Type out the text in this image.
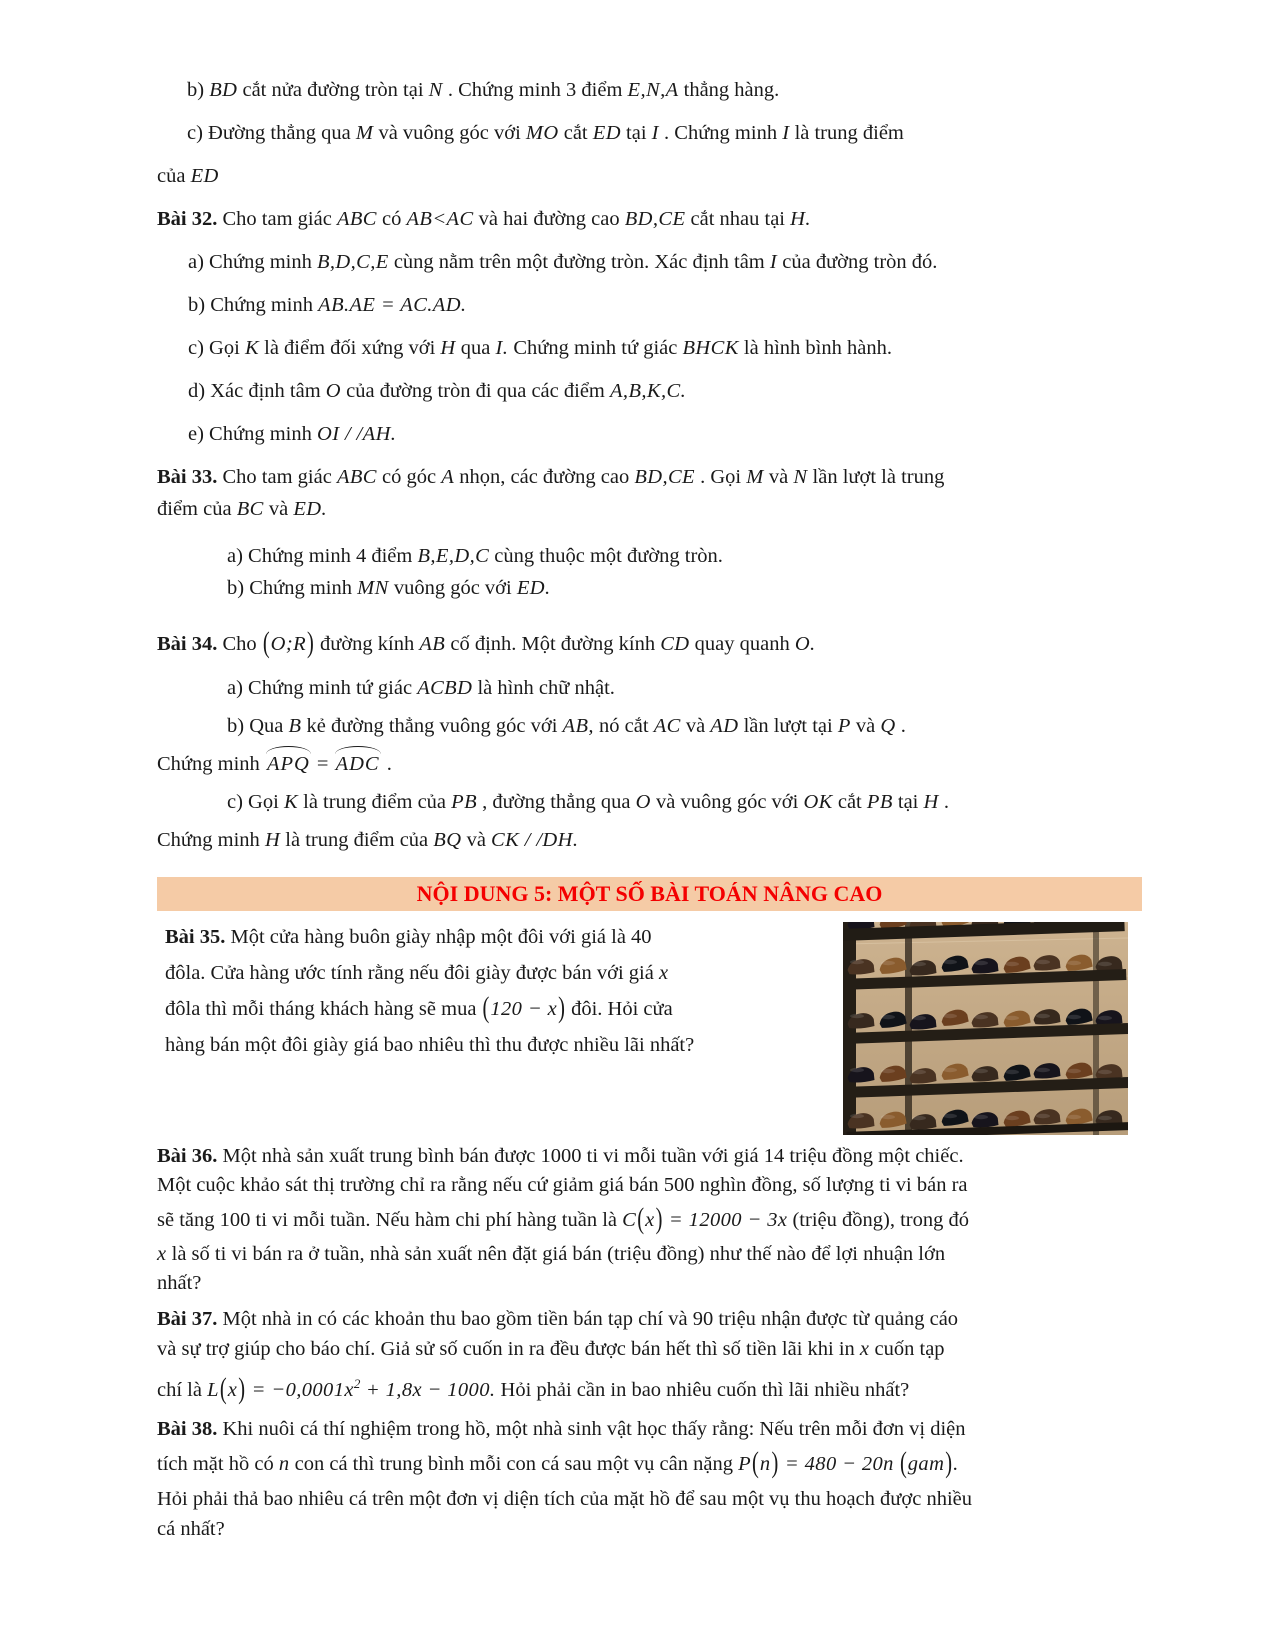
b) BD cắt nửa đường tròn tại N . Chứng minh 3 điểm E,N,A thẳng hàng.
c) Đường thẳng qua M và vuông góc với MO cắt ED tại I . Chứng minh I là trung điểm
của ED
Bài 32. Cho tam giác ABC có AB<AC và hai đường cao BD,CE cắt nhau tại H.
a) Chứng minh B,D,C,E cùng nằm trên một đường tròn. Xác định tâm I của đường tròn đó.
b) Chứng minh AB.AE = AC.AD.
c) Gọi K là điểm đối xứng với H qua I. Chứng minh tứ giác BHCK là hình bình hành.
d) Xác định tâm O của đường tròn đi qua các điểm A,B,K,C.
e) Chứng minh OI / /AH.
Bài 33. Cho tam giác ABC có góc A nhọn, các đường cao BD,CE . Gọi M và N lần lượt là trung
điểm của BC và ED.
a) Chứng minh 4 điểm B,E,D,C cùng thuộc một đường tròn.
b) Chứng minh MN vuông góc với ED.
Bài 34. Cho (O;R) đường kính AB cố định. Một đường kính CD quay quanh O.
a) Chứng minh tứ giác ACBD là hình chữ nhật.
b) Qua B kẻ đường thẳng vuông góc với AB, nó cắt AC và AD lần lượt tại P và Q .
Chứng minh APQ = ADC .
c) Gọi K là trung điểm của PB , đường thẳng qua O và vuông góc với OK cắt PB tại H .
Chứng minh H là trung điểm của BQ và CK / /DH.
NỘI DUNG 5: MỘT SỐ BÀI TOÁN NÂNG CAO
Bài 35. Một cửa hàng buôn giày nhập một đôi với giá là 40
đôla. Cửa hàng ước tính rằng nếu đôi giày được bán với giá x
đôla thì mỗi tháng khách hàng sẽ mua (120 − x) đôi. Hỏi cửa
hàng bán một đôi giày giá bao nhiêu thì thu được nhiều lãi nhất?
Bài 36. Một nhà sản xuất trung bình bán được 1000 ti vi mỗi tuần với giá 14 triệu đồng một chiếc.
Một cuộc khảo sát thị trường chỉ ra rằng nếu cứ giảm giá bán 500 nghìn đồng, số lượng ti vi bán ra
sẽ tăng 100 ti vi mỗi tuần. Nếu hàm chi phí hàng tuần là C(x) = 12000 − 3x (triệu đồng), trong đó
x là số ti vi bán ra ở tuần, nhà sản xuất nên đặt giá bán (triệu đồng) như thế nào để lợi nhuận lớn
nhất?
Bài 37. Một nhà in có các khoản thu bao gồm tiền bán tạp chí và 90 triệu nhận được từ quảng cáo
và sự trợ giúp cho báo chí. Giả sử số cuốn in ra đều được bán hết thì số tiền lãi khi in x cuốn tạp
chí là $L(x) = -0,0001x^2 + 1,8x - 1000$. Hỏi phải cần in bao nhiêu cuốn thì lãi nhiều nhất?
Bài 38. Khi nuôi cá thí nghiệm trong hồ, một nhà sinh vật học thấy rằng: Nếu trên mỗi đơn vị diện
tích mặt hồ có n con cá thì trung bình mỗi con cá sau một vụ cân nặng P(n) = 480 − 20n (gam).
Hỏi phải thả bao nhiêu cá trên một đơn vị diện tích của mặt hồ để sau một vụ thu hoạch được nhiều
cá nhất?
